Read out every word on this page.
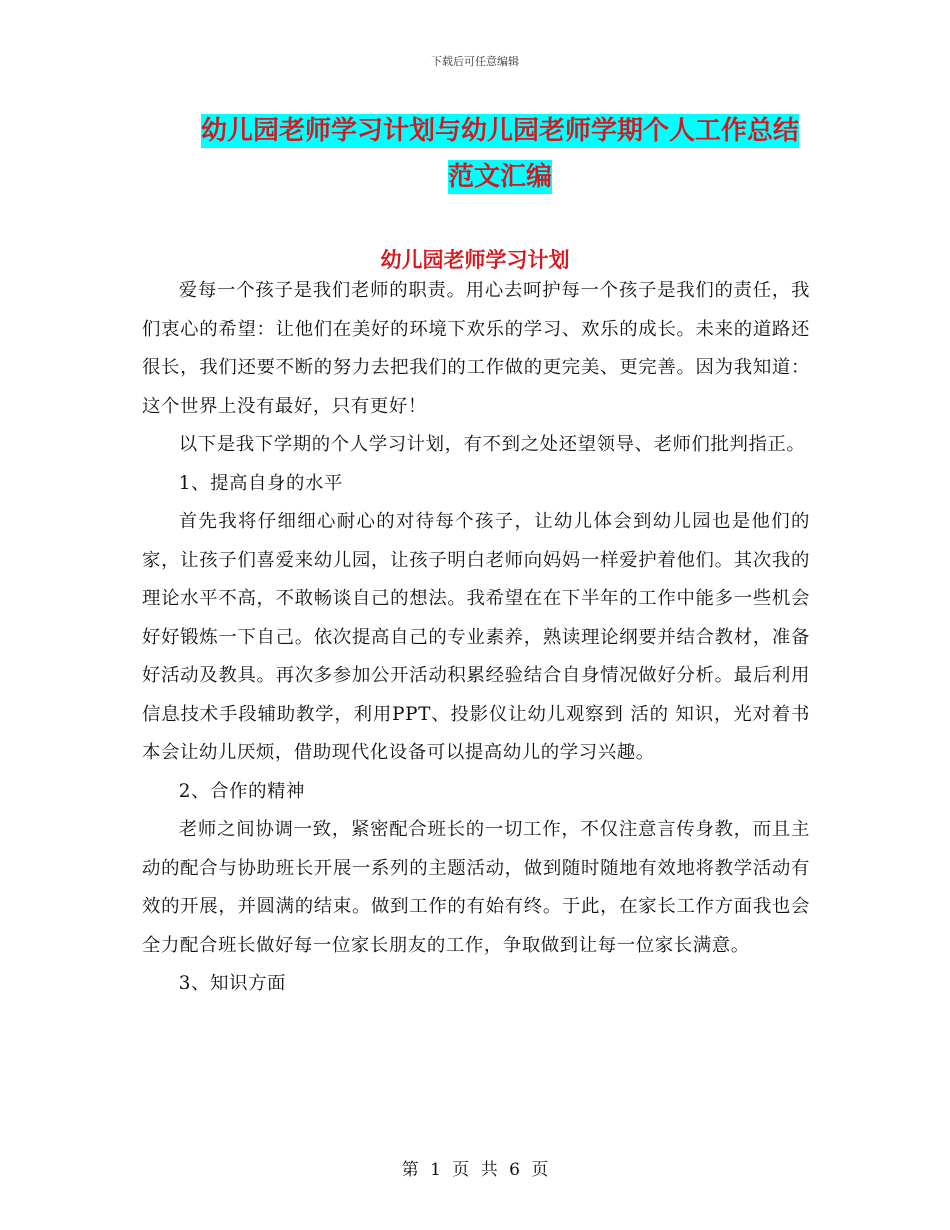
下载后可任意编辑
幼儿园老师学习计划与幼儿园老师学期个人工作总结
范文汇编
幼儿园老师学习计划

爱每一个孩子是我们老师的职责。用心去呵护每一个孩子是我们的责任，我们衷心的希望：让他们在美好的环境下欢乐的学习、欢乐的成长。未来的道路还很长，我们还要不断的努力去把我们的工作做的更完美、更完善。因为我知道：这个世界上没有最好，只有更好！

以下是我下学期的个人学习计划，有不到之处还望领导、老师们批判指正。

1、提高自身的水平

首先我将仔细细心耐心的对待每个孩子，让幼儿体会到幼儿园也是他们的家，让孩子们喜爱来幼儿园，让孩子明白老师向妈妈一样爱护着他们。其次我的理论水平不高，不敢畅谈自己的想法。我希望在在下半年的工作中能多一些机会好好锻炼一下自己。依次提高自己的专业素养，熟读理论纲要并结合教材，准备好活动及教具。再次多参加公开活动积累经验结合自身情况做好分析。最后利用信息技术手段辅助教学，利用PPT、投影仪让幼儿观察到 活的 知识，光对着书本会让幼儿厌烦，借助现代化设备可以提高幼儿的学习兴趣。

2、合作的精神

老师之间协调一致，紧密配合班长的一切工作，不仅注意言传身教，而且主动的配合与协助班长开展一系列的主题活动，做到随时随地有效地将教学活动有效的开展，并圆满的结束。做到工作的有始有终。于此，在家长工作方面我也会全力配合班长做好每一位家长朋友的工作，争取做到让每一位家长满意。

3、知识方面

第 1 页 共 6 页
